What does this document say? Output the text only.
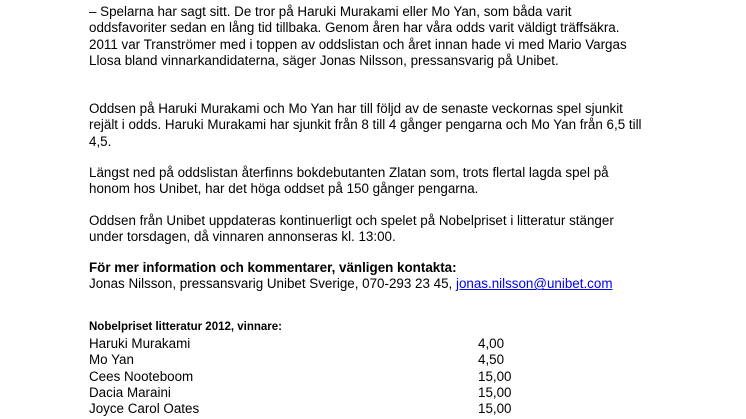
– Spelarna har sagt sitt. De tror på Haruki Murakami eller Mo Yan, som båda varit oddsfavoriter sedan en lång tid tillbaka. Genom åren har våra odds varit väldigt träffsäkra. 2011 var Tranströmer med i toppen av oddslistan och året innan hade vi med Mario Vargas Llosa bland vinnarkandidaterna, säger Jonas Nilsson, pressansvarig på Unibet.

Oddsen på Haruki Murakami och Mo Yan har till följd av de senaste veckornas spel sjunkit rejält i odds. Haruki Murakami har sjunkit från 8 till 4 gånger pengarna och Mo Yan från 6,5 till 4,5.

Längst ned på oddslistan återfinns bokdebutanten Zlatan som, trots flertal lagda spel på honom hos Unibet, har det höga oddset på 150 gånger pengarna.

Oddsen från Unibet uppdateras kontinuerligt och spelet på Nobelpriset i litteratur stänger under torsdagen, då vinnaren annonseras kl. 13:00.

För mer information och kommentarer, vänligen kontakta:

Jonas Nilsson, pressansvarig Unibet Sverige, 070-293 23 45, jonas.nilsson@unibet.com

Nobelpriset litteratur 2012, vinnare:
Haruki Murakami	4,00
Mo Yan	4,50
Cees Nooteboom	15,00
Dacia Maraini	15,00
Joyce Carol Oates	15,00
